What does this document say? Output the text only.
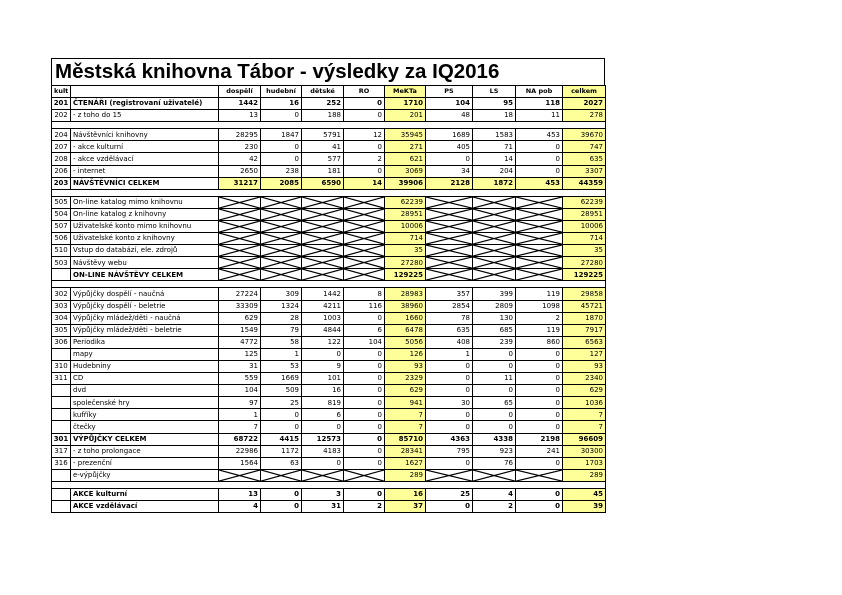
Městská knihovna Tábor - výsledky za IQ2016
kult		dospělí	hudební	dětské	RO	MeKTa	PS	LS	NA pob	celkem
201	ČTENÁŘI (registrovaní uživatelé)	1442	16	252	0	1710	104	95	118	2027
202	- z toho do 15	13	0	188	0	201	48	18	11	278

204	Návštěvníci knihovny	28295	1847	5791	12	35945	1689	1583	453	39670
207	- akce kulturní	230	0	41	0	271	405	71	0	747
208	- akce vzdělávací	42	0	577	2	621	0	14	0	635
206	- internet	2650	238	181	0	3069	34	204	0	3307
203	NÁVŠTĚVNÍCI CELKEM	31217	2085	6590	14	39906	2128	1872	453	44359

505	On-line katalog mimo knihovnu					62239				62239
504	On-line katalog z knihovny					28951				28951
507	Uživatelské konto mimo knihovnu					10006				10006
506	Uživatelské konto z knihovny					714				714
510	Vstup do databází, ele. zdrojů					35				35
503	Návštěvy webu					27280				27280
	ON-LINE NÁVŠTĚVY CELKEM					129225				129225

302	Výpůjčky dospělí - naučná	27224	309	1442	8	28983	357	399	119	29858
303	Výpůjčky dospělí - beletrie	33309	1324	4211	116	38960	2854	2809	1098	45721
304	Výpůjčky mládež/děti - naučná	629	28	1003	0	1660	78	130	2	1870
305	Výpůjčky mládež/děti - beletrie	1549	79	4844	6	6478	635	685	119	7917
306	Periodika	4772	58	122	104	5056	408	239	860	6563
	mapy	125	1	0	0	126	1	0	0	127
310	Hudebniny	31	53	9	0	93	0	0	0	93
311	CD	559	1669	101	0	2329	0	11	0	2340
	dvd	104	509	16	0	629	0	0	0	629
	společenské hry	97	25	819	0	941	30	65	0	1036
	kufříky	1	0	6	0	7	0	0	0	7
	čtečky	7	0	0	0	7	0	0	0	7
301	VÝPŮJČKY CELKEM	68722	4415	12573	0	85710	4363	4338	2198	96609
317	- z toho prolongace	22986	1172	4183	0	28341	795	923	241	30300
316	- prezenční	1564	63	0	0	1627	0	76	0	1703
	e-výpůjčky					289				289

	AKCE kulturní	13	0	3	0	16	25	4	0	45
	AKCE vzdělávací	4	0	31	2	37	0	2	0	39
